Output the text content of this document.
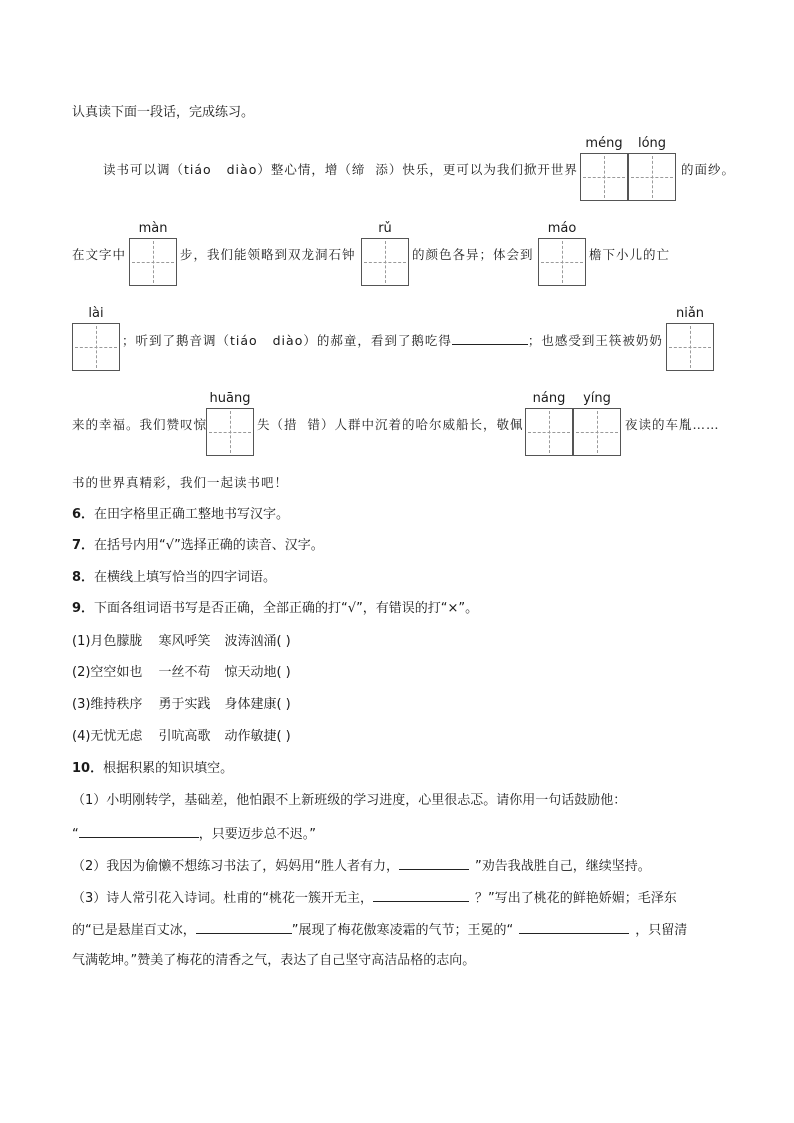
认真读下面一段话，完成练习。
méng	lóng
读书可以调（tiáo diào）整心情，增（缔 添）快乐，更可以为我们掀开世界	的面纱。
màn	rǔ	máo
在文字中	步，我们能领略到双龙洞石钟	的颜色各异；体会到	檐下小儿的亡
lài	niǎn
；听到了鹅音调（tiáo diào）的郝童，看到了鹅吃得	；也感受到王筷被奶奶
huāng	náng	yíng
来的幸福。我们赞叹惊	失（措 错）人群中沉着的哈尔威船长，敬佩	夜读的车胤……
书的世界真精彩，我们一起读书吧！
6．在田字格里正确工整地书写汉字。
7．在括号内用“√”选择正确的读音、汉字。
8．在横线上填写恰当的四字词语。
9．下面各组词语书写是否正确，全部正确的打“√”，有错误的打“×”。
(1)月色朦胧 寒风呼笑 波涛汹涌( )
(2)空空如也 一丝不苟 惊天动地( )
(3)维持秩序 勇于实践 身体建康( )
(4)无忧无虑 引吭高歌 动作敏捷( )
10．根据积累的知识填空。
（1）小明刚转学，基础差，他怕跟不上新班级的学习进度，心里很忐忑。请你用一句话鼓励他：
“	，只要迈步总不迟。”
（2）我因为偷懒不想练习书法了，妈妈用“胜人者有力，	”劝告我战胜自己，继续坚持。
（3）诗人常引花入诗词。杜甫的“桃花一簇开无主，	？”写出了桃花的鲜艳娇媚；毛泽东
的“已是悬崖百丈冰，	”展现了梅花傲寒凌霜的气节；王冕的“	，只留清
气满乾坤。”赞美了梅花的清香之气，表达了自己坚守高洁品格的志向。
